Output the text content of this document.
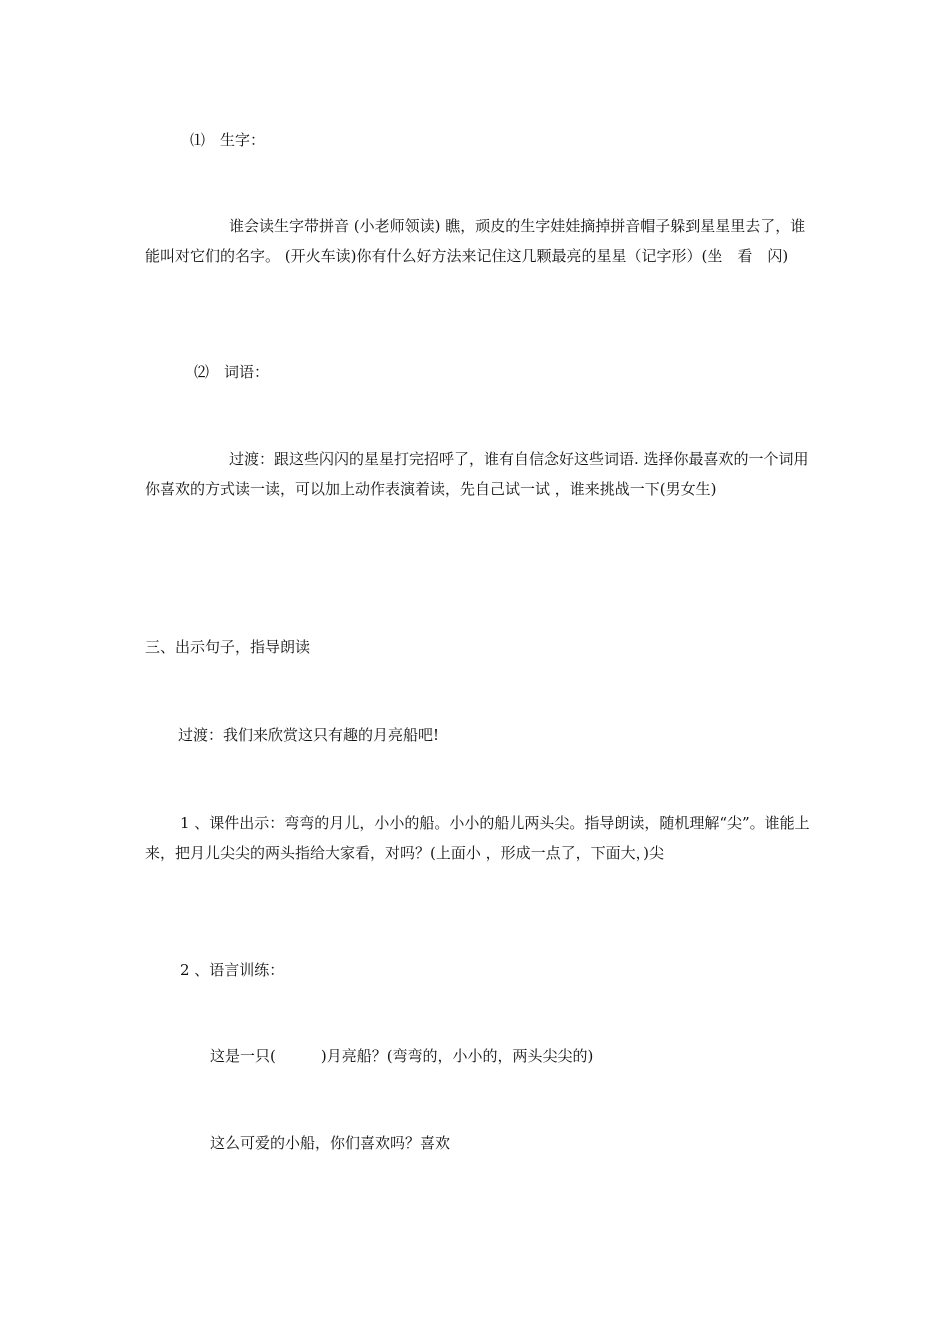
⑴　生字：

谁会读生字带拼音 (小老师领读) 瞧，顽皮的生字娃娃摘掉拼音帽子躲到星星里去了，谁能叫对它们的名字。 (开火车读)你有什么好方法来记住这几颗最亮的星星（记字形）(坐　看　闪)

⑵　词语：

过渡：跟这些闪闪的星星打完招呼了，谁有自信念好这些词语. 选择你最喜欢的一个词用你喜欢的方式读一读，可以加上动作表演着读，先自己试一试 ，谁来挑战一下(男女生)

三、出示句子，指导朗读

过渡：我们来欣赏这只有趣的月亮船吧!

1 、课件出示：弯弯的月儿，小小的船。小小的船儿两头尖。指导朗读，随机理解“尖”。谁能上来，把月儿尖尖的两头指给大家看，对吗？(上面小 ，形成一点了，下面大，)尖

2 、语言训练：

这是一只(　　　)月亮船？(弯弯的，小小的，两头尖尖的)

这么可爱的小船，你们喜欢吗？喜欢
